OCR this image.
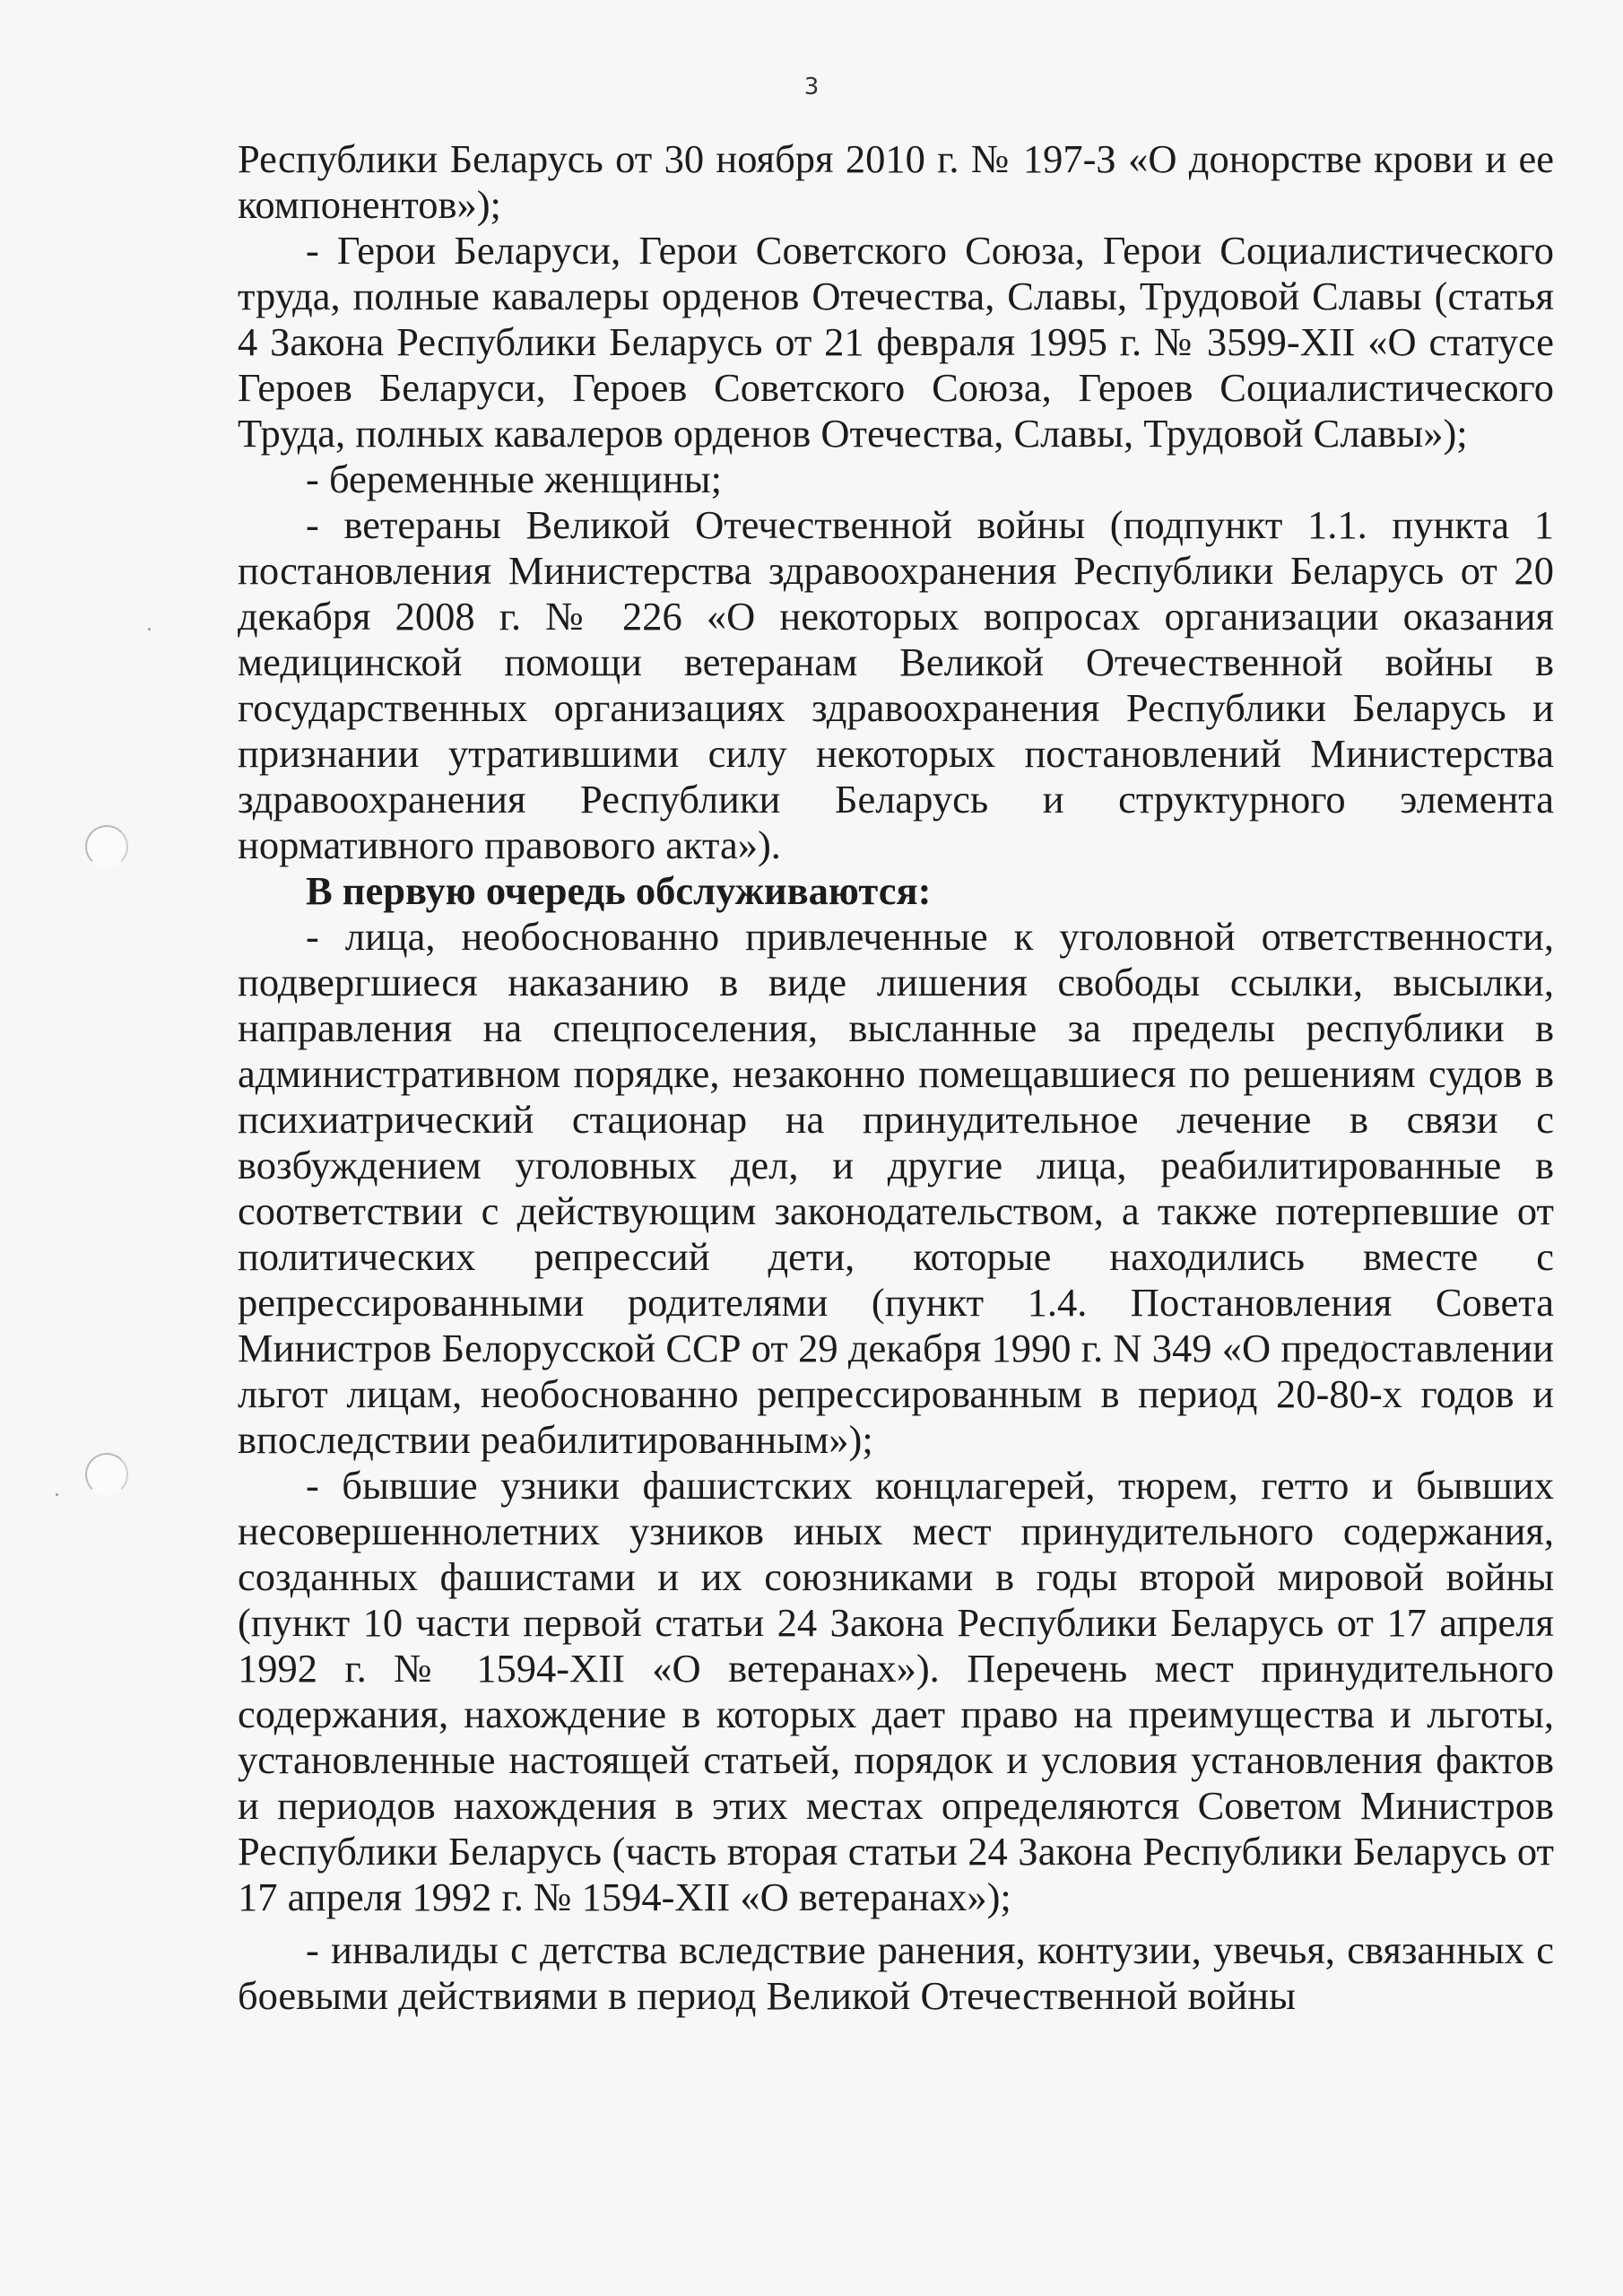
3

Республики Беларусь от 30 ноября 2010 г. № 197-З «О донорстве крови и ее компонентов»);

- Герои Беларуси, Герои Советского Союза, Герои Социалистического труда, полные кавалеры орденов Отечества, Славы, Трудовой Славы (статья 4 Закона Республики Беларусь от 21 февраля 1995 г. № 3599-XII «О статусе Героев Беларуси, Героев Советского Союза, Героев Социалистического Труда, полных кавалеров орденов Отечества, Славы, Трудовой Славы»);

- беременные женщины;

- ветераны Великой Отечественной войны (подпункт 1.1. пункта 1 постановления Министерства здравоохранения Республики Беларусь от 20 декабря 2008 г. № 226 «О некоторых вопросах организации оказания медицинской помощи ветеранам Великой Отечественной войны в государственных организациях здравоохранения Республики Беларусь и признании утратившими силу некоторых постановлений Министерства здравоохранения Республики Беларусь и структурного элемента нормативного правового акта»).

В первую очередь обслуживаются:

- лица, необоснованно привлеченные к уголовной ответственности, подвергшиеся наказанию в виде лишения свободы ссылки, высылки, направления на спецпоселения, высланные за пределы республики в административном порядке, незаконно помещавшиеся по решениям судов в психиатрический стационар на принудительное лечение в связи с возбуждением уголовных дел, и другие лица, реабилитированные в соответствии с действующим законодательством, а также потерпевшие от политических репрессий дети, которые находились вместе с репрессированными родителями (пункт 1.4. Постановления Совета Министров Белорусской ССР от 29 декабря 1990 г. N 349 «О предоставлении льгот лицам, необоснованно репрессированным в период 20-80-х годов и впоследствии реабилитированным»);

- бывшие узники фашистских концлагерей, тюрем, гетто и бывших несовершеннолетних узников иных мест принудительного содержания, созданных фашистами и их союзниками в годы второй мировой войны (пункт 10 части первой статьи 24 Закона Республики Беларусь от 17 апреля 1992 г. № 1594-XII «О ветеранах»). Перечень мест принудительного содержания, нахождение в которых дает право на преимущества и льготы, установленные настоящей статьей, порядок и условия установления фактов и периодов нахождения в этих местах определяются Советом Министров Республики Беларусь (часть вторая статьи 24 Закона Республики Беларусь от 17 апреля 1992 г. № 1594-XII «О ветеранах»);

- инвалиды с детства вследствие ранения, контузии, увечья, связанных с боевыми действиями в период Великой Отечественной войны
